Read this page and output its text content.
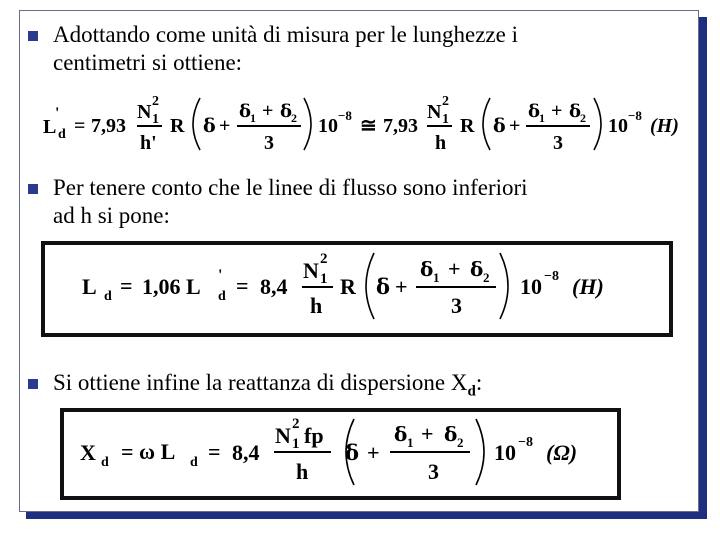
Adottando come unità di misura per le lunghezze i
centimetri si ottiene:
L
'
d = 7,93
N 2
1
h'
R δ +
δ
1 + δ
2
3
10 −8 ≅ 7,93
N 2
1
h
R δ +
δ
1 + δ
2
3
10 −8 (H)
Per tenere conto che le linee di flusso sono inferiori
ad h si pone:
L d = 1,06 L '
d = 8,4
N 2
1
h
R δ +
δ 1 + δ 2
3
10 −8 (H)
Si ottiene infine la reattanza di dispersione $X_d$:
X d = ω L d = 8,4
N 2
1 fp
h
δ +
δ 1 + δ 2
3
10 −8 (Ω)
